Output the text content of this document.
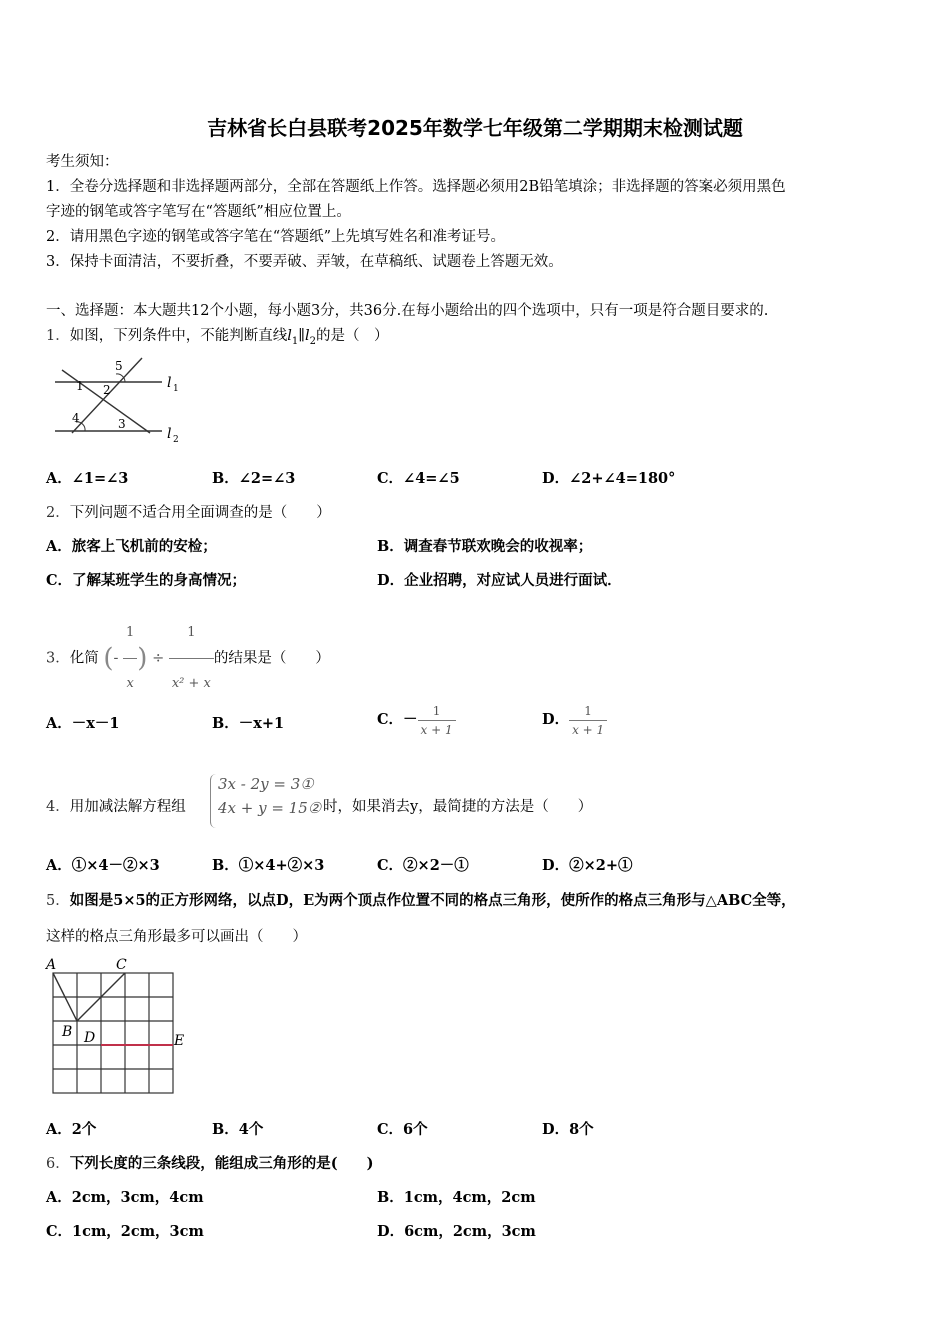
吉林省长白县联考2025年数学七年级第二学期期末检测试题
考生须知：
1．全卷分选择题和非选择题两部分，全部在答题纸上作答。选择题必须用2B铅笔填涂；非选择题的答案必须用黑色
字迹的钢笔或答字笔写在“答题纸”相应位置上。
2．请用黑色字迹的钢笔或答字笔在“答题纸”上先填写姓名和准考证号。
3．保持卡面清洁，不要折叠，不要弄破、弄皱，在草稿纸、试题卷上答题无效。
一、选择题：本大题共12个小题，每小题3分，共36分.在每小题给出的四个选项中，只有一项是符合题目要求的.
1．如图，下列条件中，不能判断直线$l_1\parallel l_2$的是（　）
5
1 2
4	3
l 1
l 2
A．∠1=∠3	B．∠2=∠3	C．∠4=∠5	D．∠2+∠4=180°
2．下列问题不适合用全面调查的是（　　）
A．旅客上飞机前的安检；	B．调查春节联欢晚会的收视率；
C．了解某班学生的身高情况；	D．企业招聘，对应试人员进行面试．
3．化简 (- $\frac{1}{x}$ ) ÷ $\frac{1}{\text{x² + x}}$ 的结果是（　　）
A．－x－1	B．－x+1	C．－ $\frac{1}{x + 1}$	D． $\frac{1}{x + 1}$
4．用加减法解方程组
3x - 2y = 3①
4x + y = 15② 时，如果消去y，最简捷的方法是（　　）
A．①×4－②×3	B．①×4+②×3	C．②×2－①	D．②×2+①
5．如图是5×5的正方形网络，以点D，E为两个顶点作位置不同的格点三角形，使所作的格点三角形与△ABC全等，
这样的格点三角形最多可以画出（　　）
A	C
B D	E
A．2个	B．4个	C．6个	D．8个
6．下列长度的三条线段，能组成三角形的是(　　)
A．2cm，3cm，4cm	B．1cm，4cm，2cm
C．1cm，2cm，3cm	D．6cm，2cm，3cm
